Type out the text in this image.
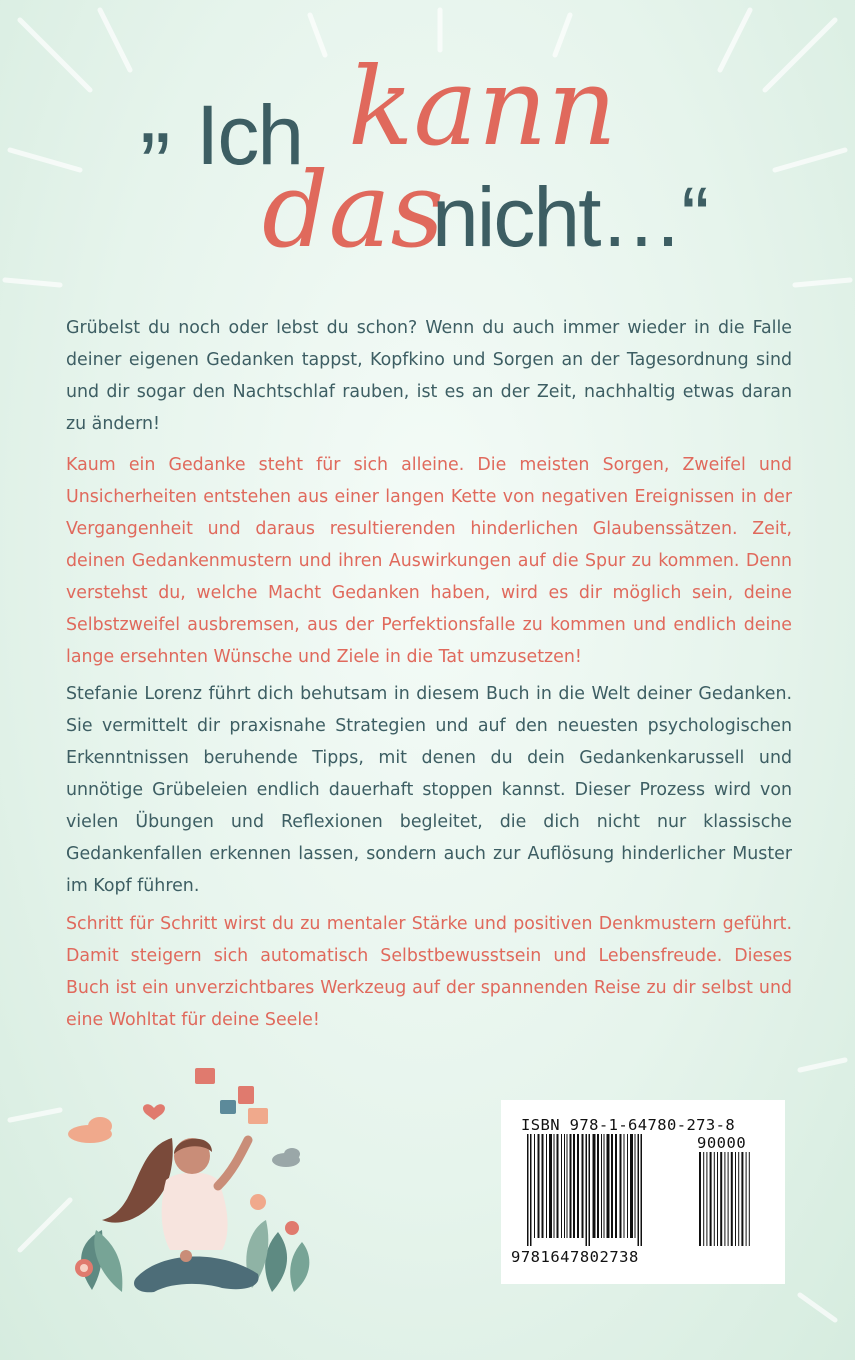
„ Ich kann
das
nicht…“

Grübelst du noch oder lebst du schon? Wenn du auch immer wieder in die Falle deiner eigenen Gedanken tappst, Kopfkino und Sorgen an der Tagesordnung sind und dir sogar den Nachtschlaf rauben, ist es an der Zeit, nachhaltig etwas daran zu ändern!

Kaum ein Gedanke steht für sich alleine. Die meisten Sorgen, Zweifel und Unsicherheiten entstehen aus einer langen Kette von negativen Ereignissen in der Vergangenheit und daraus resultierenden hinderlichen Glaubenssätzen. Zeit, deinen Gedankenmustern und ihren Auswirkungen auf die Spur zu kommen. Denn verstehst du, welche Macht Gedanken haben, wird es dir möglich sein, deine Selbstzweifel ausbremsen, aus der Perfektionsfalle zu kommen und endlich deine lange ersehnten Wünsche und Ziele in die Tat umzusetzen!

Stefanie Lorenz führt dich behutsam in diesem Buch in die Welt deiner Gedanken. Sie vermittelt dir praxisnahe Strategien und auf den neuesten psychologischen Erkenntnissen beruhende Tipps, mit denen du dein Gedankenkarussell und unnötige Grübeleien endlich dauerhaft stoppen kannst. Dieser Prozess wird von vielen Übungen und Reflexionen begleitet, die dich nicht nur klassische Gedankenfallen erkennen lassen, sondern auch zur Auflösung hinderlicher Muster im Kopf führen.

Schritt für Schritt wirst du zu mentaler Stärke und positiven Denkmustern geführt. Damit steigern sich automatisch Selbstbewusstsein und Lebensfreude. Dieses Buch ist ein unverzichtbares Werkzeug auf der spannenden Reise zu dir selbst und eine Wohltat für deine Seele!

ISBN 978-1-64780-273-8
9781647802738
90000
